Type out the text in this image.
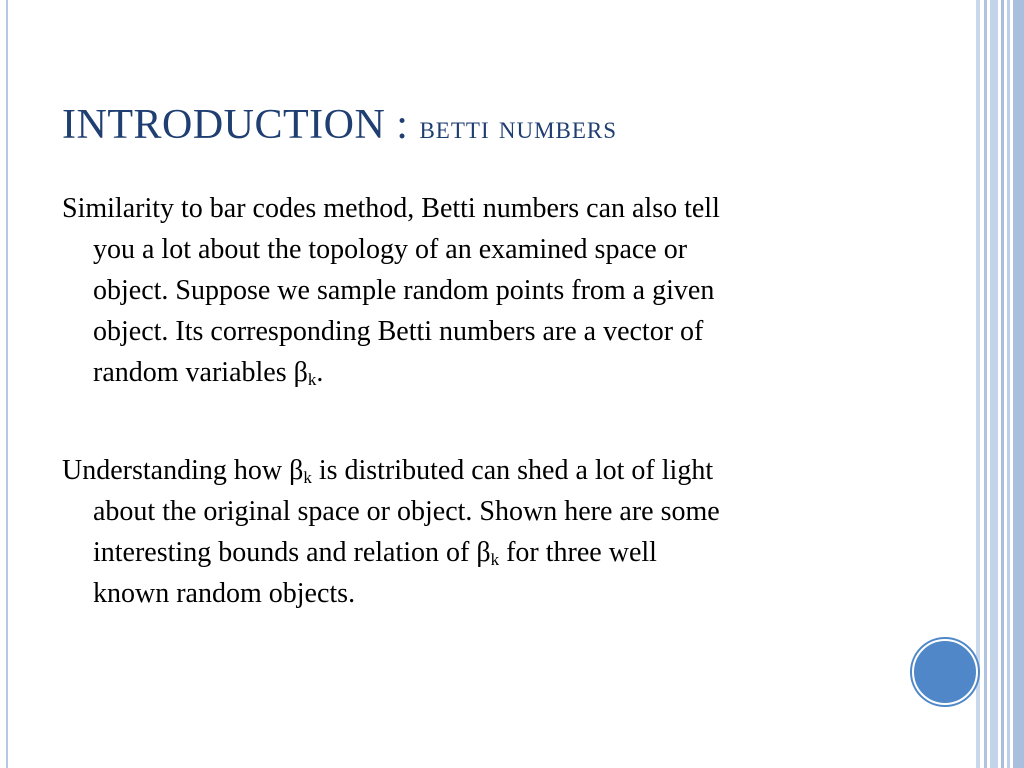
INTRODUCTION : betti numbers

Similarity to bar codes method, Betti numbers can also tell
you a lot about the topology of an examined space or
object. Suppose we sample random points from a given
object. Its corresponding Betti numbers are a vector of
random variables $\beta_k$.

Understanding how $\beta_k$ is distributed can shed a lot of light
about the original space or object. Shown here are some
interesting bounds and relation of $\beta_k$ for three well
known random objects.
